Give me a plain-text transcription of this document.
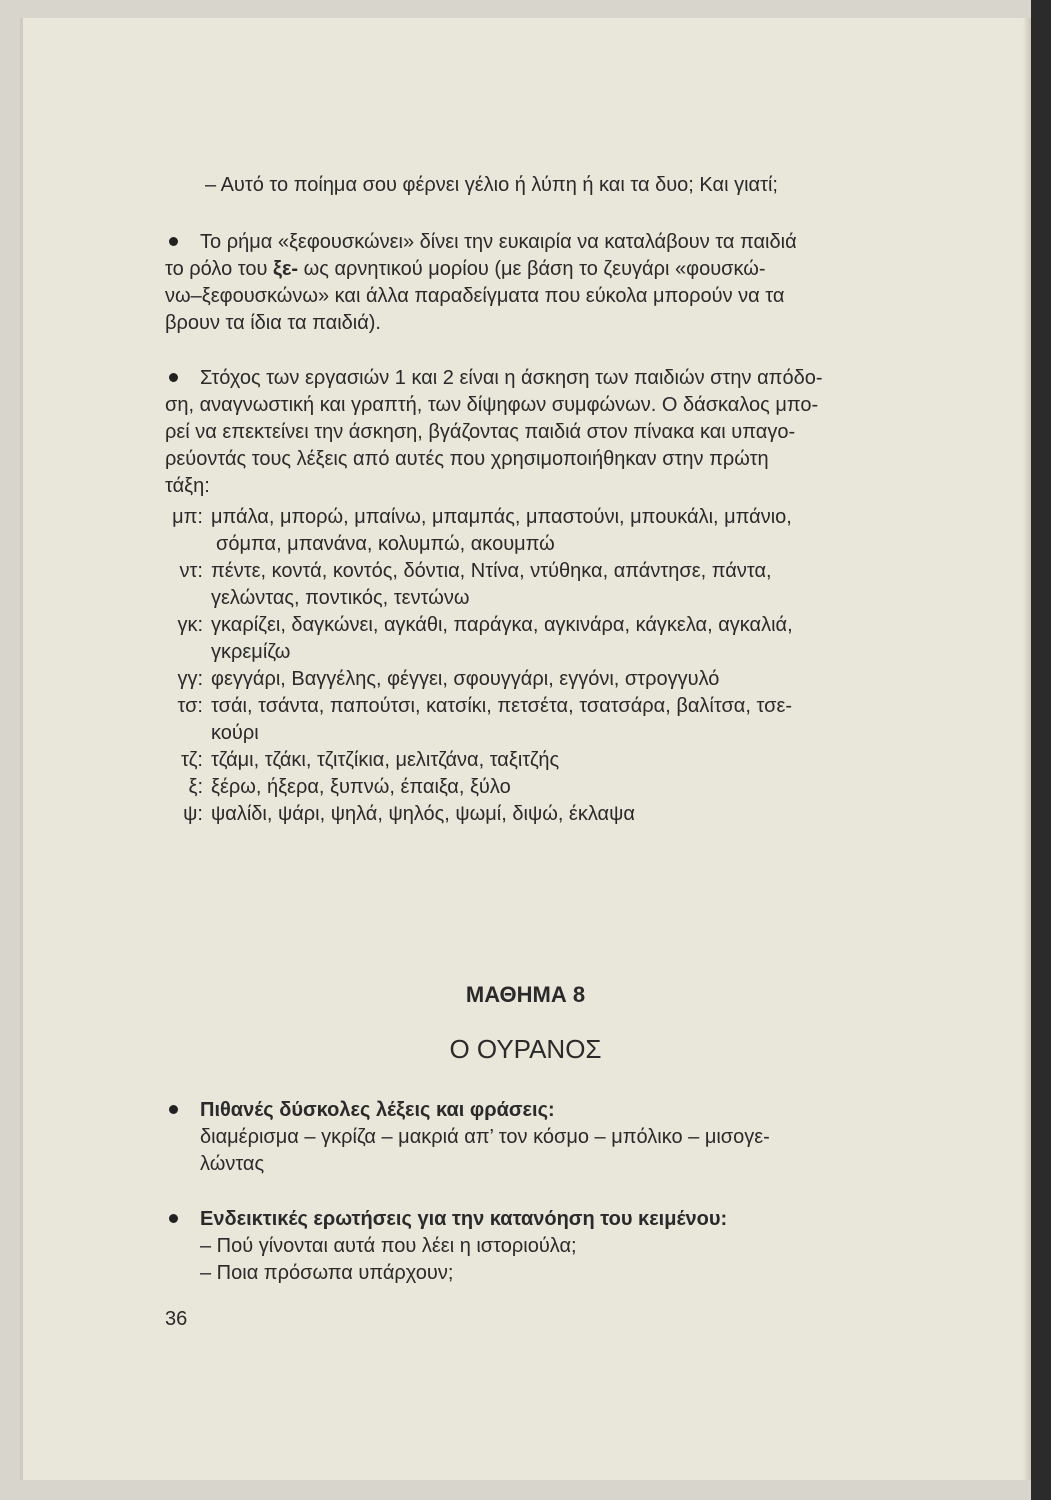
– Αυτό το ποίημα σου φέρνει γέλιο ή λύπη ή και τα δυο; Και γιατί;

Το ρήμα «ξεφουσκώνει» δίνει την ευκαιρία να καταλάβουν τα παιδιά

το ρόλο του ξε- ως αρνητικού μορίου (με βάση το ζευγάρι «φουσκώ-

νω–ξεφουσκώνω» και άλλα παραδείγματα που εύκολα μπορούν να τα

βρουν τα ίδια τα παιδιά).

Στόχος των εργασιών 1 και 2 είναι η άσκηση των παιδιών στην απόδο-

ση, αναγνωστική και γραπτή, των δίψηφων συμφώνων. Ο δάσκαλος μπο-

ρεί να επεκτείνει την άσκηση, βγάζοντας παιδιά στον πίνακα και υπαγο-

ρεύοντάς τους λέξεις από αυτές που χρησιμοποιήθηκαν στην πρώτη

τάξη:

μπ: μπάλα, μπορώ, μπαίνω, μπαμπάς, μπαστούνι, μπουκάλι, μπάνιο,

σόμπα, μπανάνα, κολυμπώ, ακουμπώ

ντ: πέντε, κοντά, κοντός, δόντια, Ντίνα, ντύθηκα, απάντησε, πάντα,

γελώντας, ποντικός, τεντώνω

γκ: γκαρίζει, δαγκώνει, αγκάθι, παράγκα, αγκινάρα, κάγκελα, αγκαλιά,

γκρεμίζω

γγ: φεγγάρι, Βαγγέλης, φέγγει, σφουγγάρι, εγγόνι, στρογγυλό

τσ: τσάι, τσάντα, παπούτσι, κατσίκι, πετσέτα, τσατσάρα, βαλίτσα, τσε-

κούρι

τζ: τζάμι, τζάκι, τζιτζίκια, μελιτζάνα, ταξιτζής

ξ: ξέρω, ήξερα, ξυπνώ, έπαιξα, ξύλο

ψ: ψαλίδι, ψάρι, ψηλά, ψηλός, ψωμί, διψώ, έκλαψα

ΜΑΘΗΜΑ 8
Ο ΟΥΡΑΝΟΣ

Πιθανές δύσκολες λέξεις και φράσεις:

διαμέρισμα – γκρίζα – μακριά απ’ τον κόσμο – μπόλικο – μισογε-

λώντας

Ενδεικτικές ερωτήσεις για την κατανόηση του κειμένου:

– Πού γίνονται αυτά που λέει η ιστοριούλα;

– Ποια πρόσωπα υπάρχουν;

36
